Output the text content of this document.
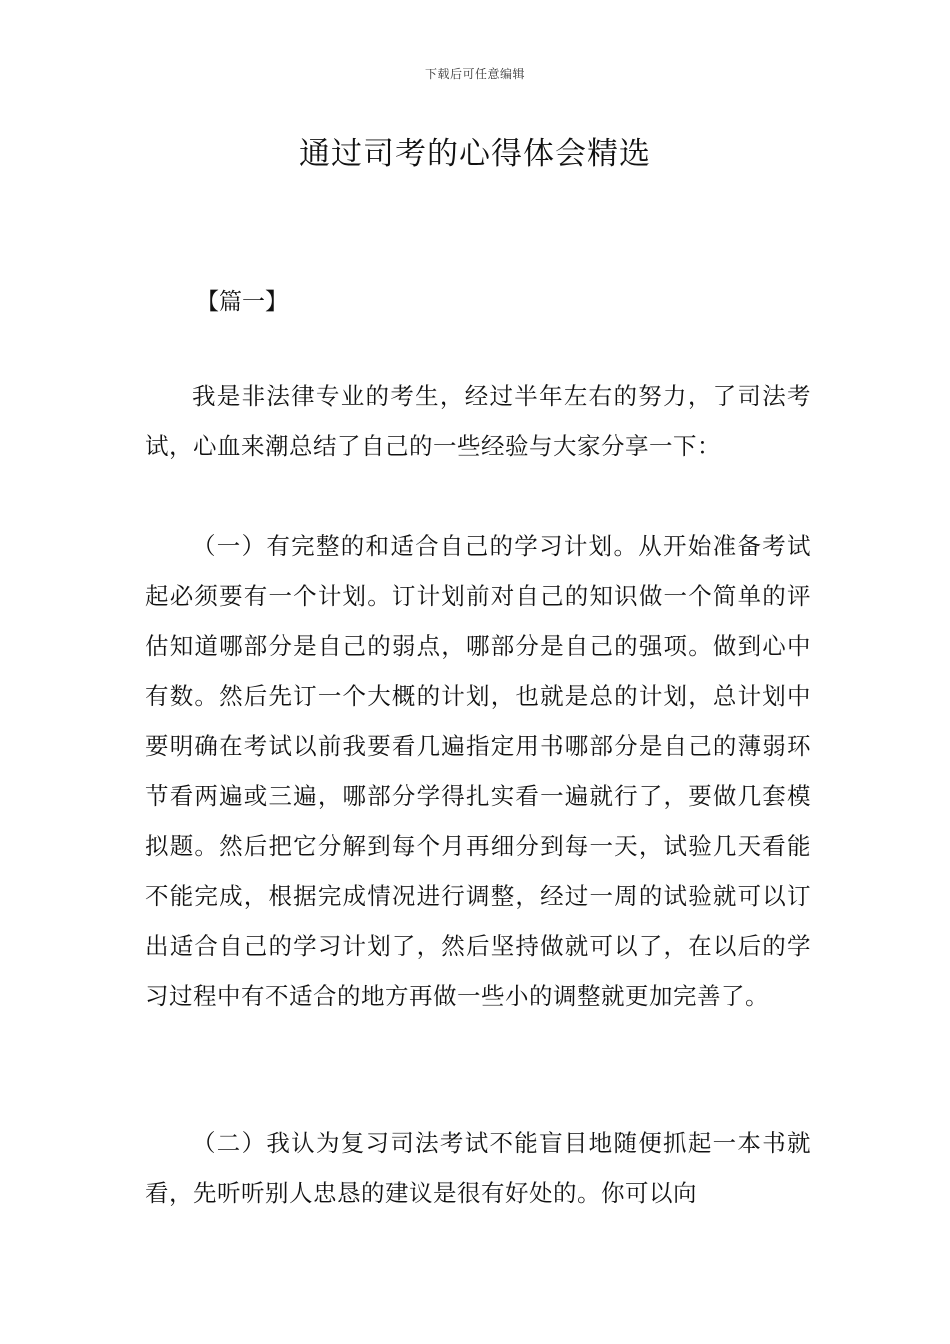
下载后可任意编辑
通过司考的心得体会精选
【篇一】

我是非法律专业的考生，经过半年左右的努力，了司法考试，心血来潮总结了自己的一些经验与大家分享一下：

（一）有完整的和适合自己的学习计划。从开始准备考试起必须要有一个计划。订计划前对自己的知识做一个简单的评估知道哪部分是自己的弱点，哪部分是自己的强项。做到心中有数。然后先订一个大概的计划，也就是总的计划，总计划中要明确在考试以前我要看几遍指定用书哪部分是自己的薄弱环节看两遍或三遍，哪部分学得扎实看一遍就行了，要做几套模拟题。然后把它分解到每个月再细分到每一天，试验几天看能不能完成，根据完成情况进行调整，经过一周的试验就可以订出适合自己的学习计划了，然后坚持做就可以了，在以后的学习过程中有不适合的地方再做一些小的调整就更加完善了。

（二）我认为复习司法考试不能盲目地随便抓起一本书就看，先听听别人忠恳的建议是很有好处的。你可以向
